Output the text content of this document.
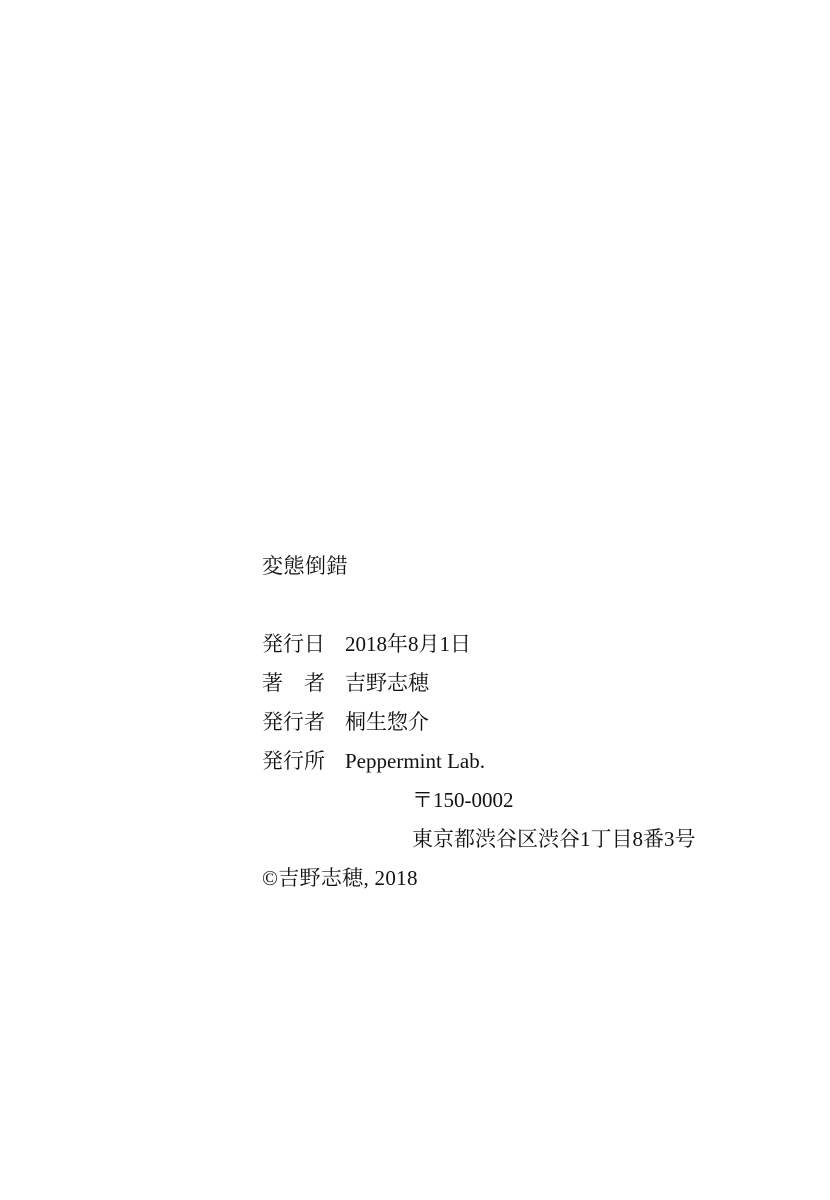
変態倒錯

発行日 2018年8月1日
著　者 吉野志穂
発行者 桐生惣介
発行所 Peppermint Lab.
〒150-0002
東京都渋谷区渋谷1丁目8番3号
©吉野志穂, 2018
